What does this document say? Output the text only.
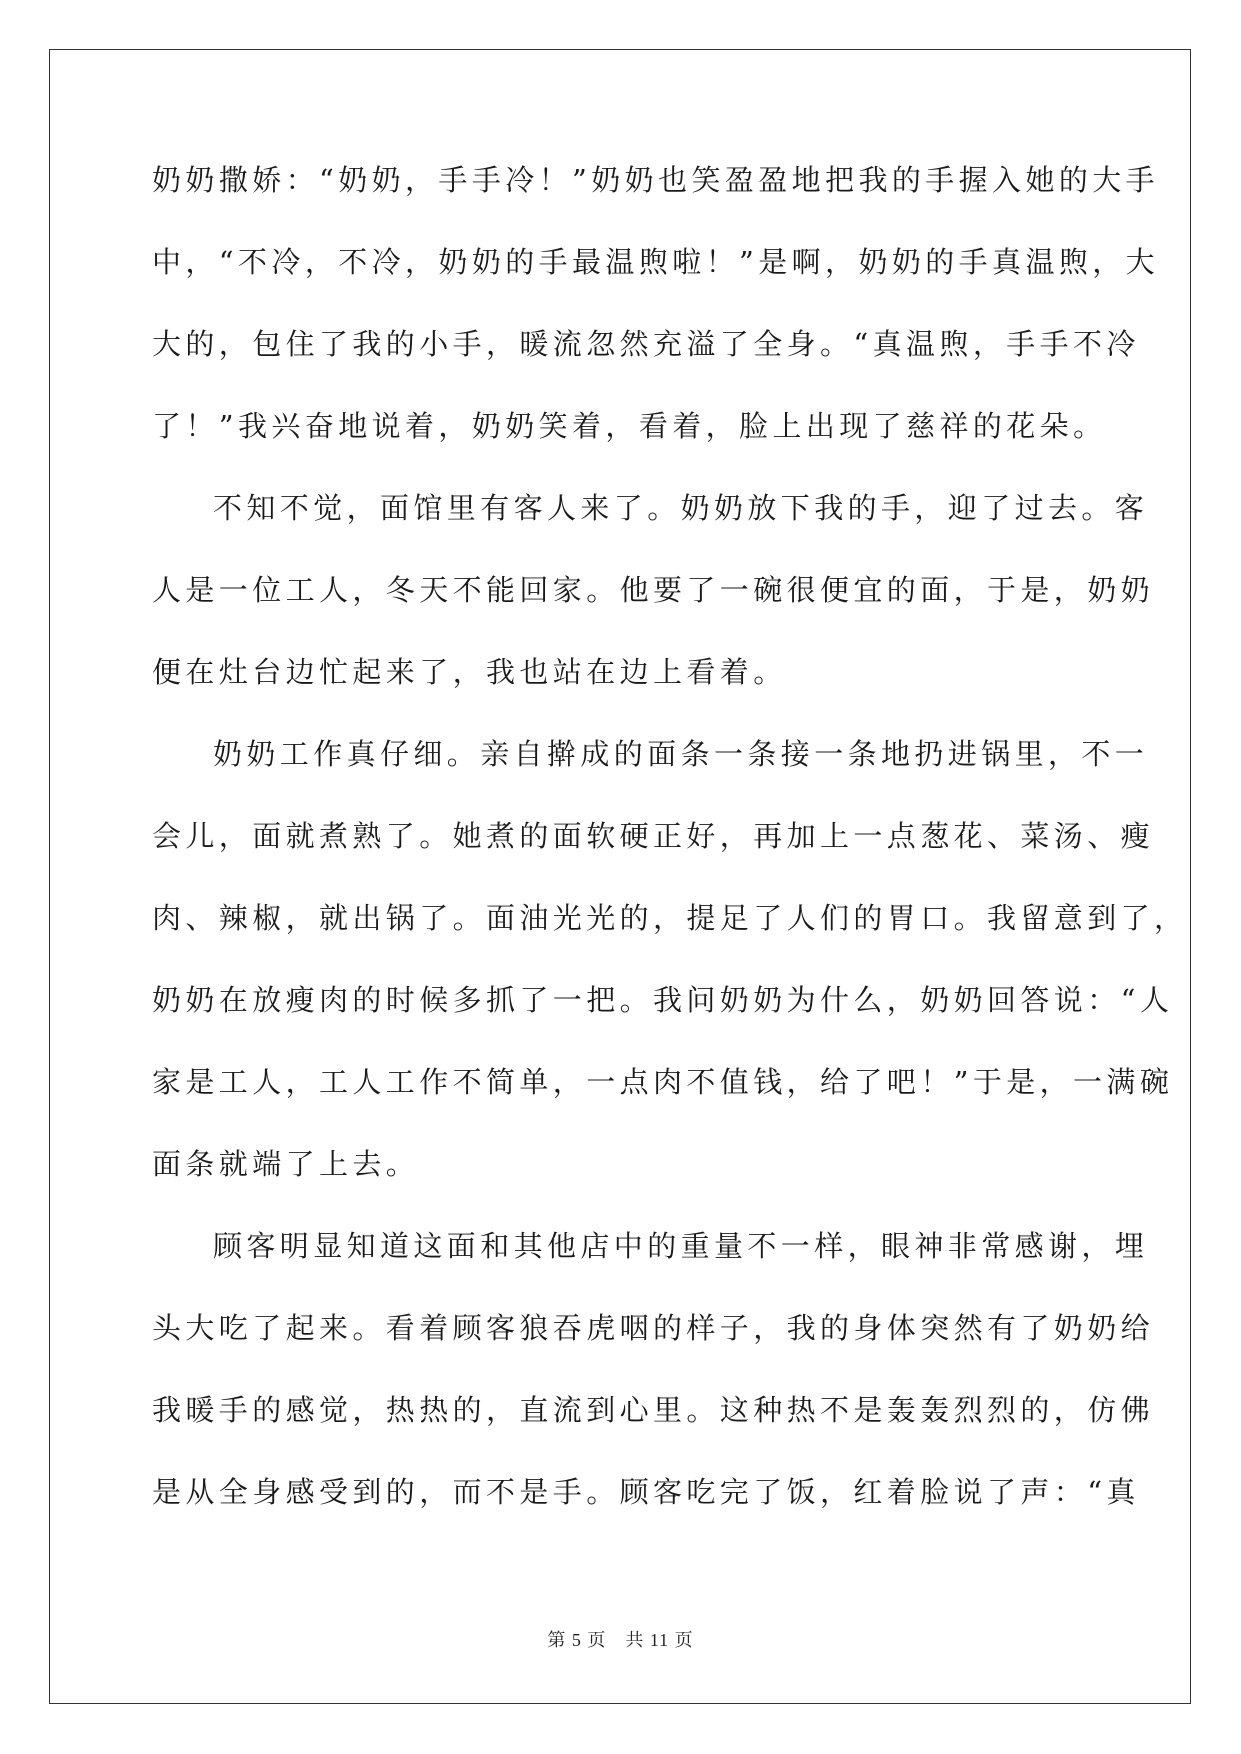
奶奶撒娇：“奶奶，手手冷！”奶奶也笑盈盈地把我的手握入她的大手
中，“不冷，不冷，奶奶的手最温煦啦！”是啊，奶奶的手真温煦，大
大的，包住了我的小手，暖流忽然充溢了全身。“真温煦，手手不冷
了！”我兴奋地说着，奶奶笑着，看着，脸上出现了慈祥的花朵。
不知不觉，面馆里有客人来了。奶奶放下我的手，迎了过去。客
人是一位工人，冬天不能回家。他要了一碗很便宜的面，于是，奶奶
便在灶台边忙起来了，我也站在边上看着。
奶奶工作真仔细。亲自擀成的面条一条接一条地扔进锅里，不一
会儿，面就煮熟了。她煮的面软硬正好，再加上一点葱花、菜汤、瘦
肉、辣椒，就出锅了。面油光光的，提足了人们的胃口。我留意到了，
奶奶在放瘦肉的时候多抓了一把。我问奶奶为什么，奶奶回答说：“人
家是工人，工人工作不简单，一点肉不值钱，给了吧！”于是，一满碗
面条就端了上去。
顾客明显知道这面和其他店中的重量不一样，眼神非常感谢，埋
头大吃了起来。看着顾客狼吞虎咽的样子，我的身体突然有了奶奶给
我暖手的感觉，热热的，直流到心里。这种热不是轰轰烈烈的，仿佛
是从全身感受到的，而不是手。顾客吃完了饭，红着脸说了声：“真
第 5 页　共 11 页
